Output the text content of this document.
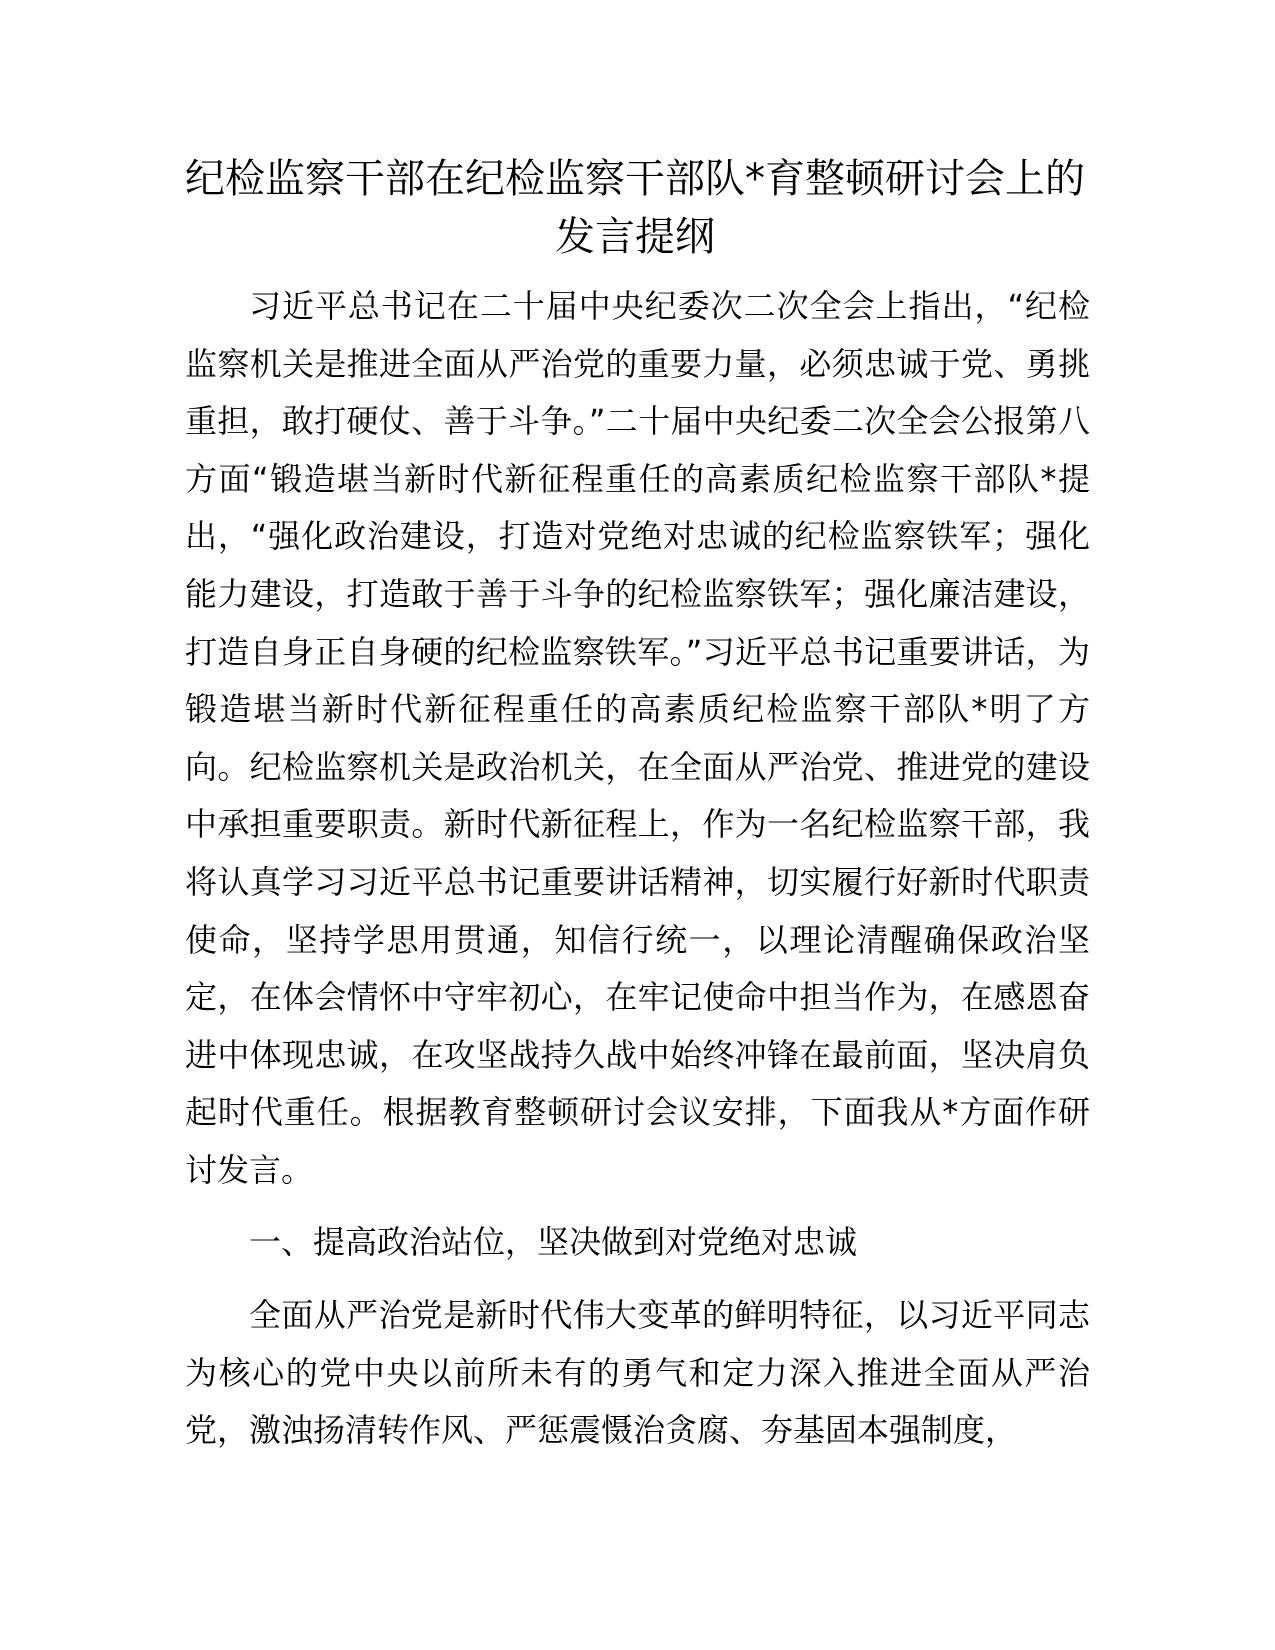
纪检监察干部在纪检监察干部队*育整顿研讨会上的发言提纲

习近平总书记在二十届中央纪委次二次全会上指出，“纪检监察机关是推进全面从严治党的重要力量，必须忠诚于党、勇挑重担，敢打硬仗、善于斗争。”二十届中央纪委二次全会公报第八方面“锻造堪当新时代新征程重任的高素质纪检监察干部队*提出，“强化政治建设，打造对党绝对忠诚的纪检监察铁军；强化能力建设，打造敢于善于斗争的纪检监察铁军；强化廉洁建设，打造自身正自身硬的纪检监察铁军。”习近平总书记重要讲话，为锻造堪当新时代新征程重任的高素质纪检监察干部队*明了方向。纪检监察机关是政治机关，在全面从严治党、推进党的建设中承担重要职责。新时代新征程上，作为一名纪检监察干部，我将认真学习习近平总书记重要讲话精神，切实履行好新时代职责使命，坚持学思用贯通，知信行统一，以理论清醒确保政治坚定，在体会情怀中守牢初心，在牢记使命中担当作为，在感恩奋进中体现忠诚，在攻坚战持久战中始终冲锋在最前面，坚决肩负起时代重任。根据教育整顿研讨会议安排，下面我从*方面作研讨发言。

一、提高政治站位，坚决做到对党绝对忠诚

全面从严治党是新时代伟大变革的鲜明特征，以习近平同志为核心的党中央以前所未有的勇气和定力深入推进全面从严治党，激浊扬清转作风、严惩震慑治贪腐、夯基固本强制度，
